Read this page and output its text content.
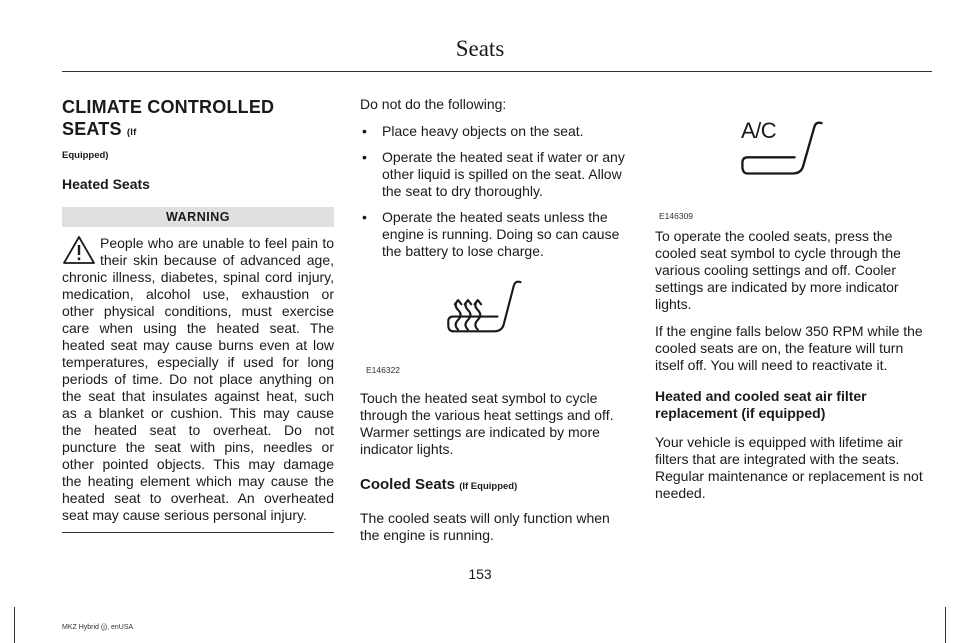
Seats
CLIMATE CONTROLLED SEATS (If
Equipped)
Heated Seats
WARNING
People who are unable to feel pain to their skin because of advanced age, chronic illness, diabetes, spinal cord injury, medication, alcohol use, exhaustion or other physical conditions, must exercise care when using the heated seat. The heated seat may cause burns even at low temperatures, especially if used for long periods of time. Do not place anything on the seat that insulates against heat, such as a blanket or cushion. This may cause the heated seat to overheat. Do not puncture the seat with pins, needles or other pointed objects. This may damage the heating element which may cause the heated seat to overheat. An overheated seat may cause serious personal injury.

Do not do the following:

• Place heavy objects on the seat.
• Operate the heated seat if water or any other liquid is spilled on the seat. Allow the seat to dry thoroughly.
• Operate the heated seats unless the engine is running. Doing so can cause the battery to lose charge.
E146322

Touch the heated seat symbol to cycle through the various heat settings and off. Warmer settings are indicated by more indicator lights.

Cooled Seats (If Equipped)

The cooled seats will only function when the engine is running.

A/C
E146309

To operate the cooled seats, press the cooled seat symbol to cycle through the various cooling settings and off. Cooler settings are indicated by more indicator lights.

If the engine falls below 350 RPM while the cooled seats are on, the feature will turn itself off. You will need to reactivate it.

Heated and cooled seat air filter replacement (if equipped)

Your vehicle is equipped with lifetime air filters that are integrated with the seats. Regular maintenance or replacement is not needed.

153
MKZ Hybrid (j), enUSA
